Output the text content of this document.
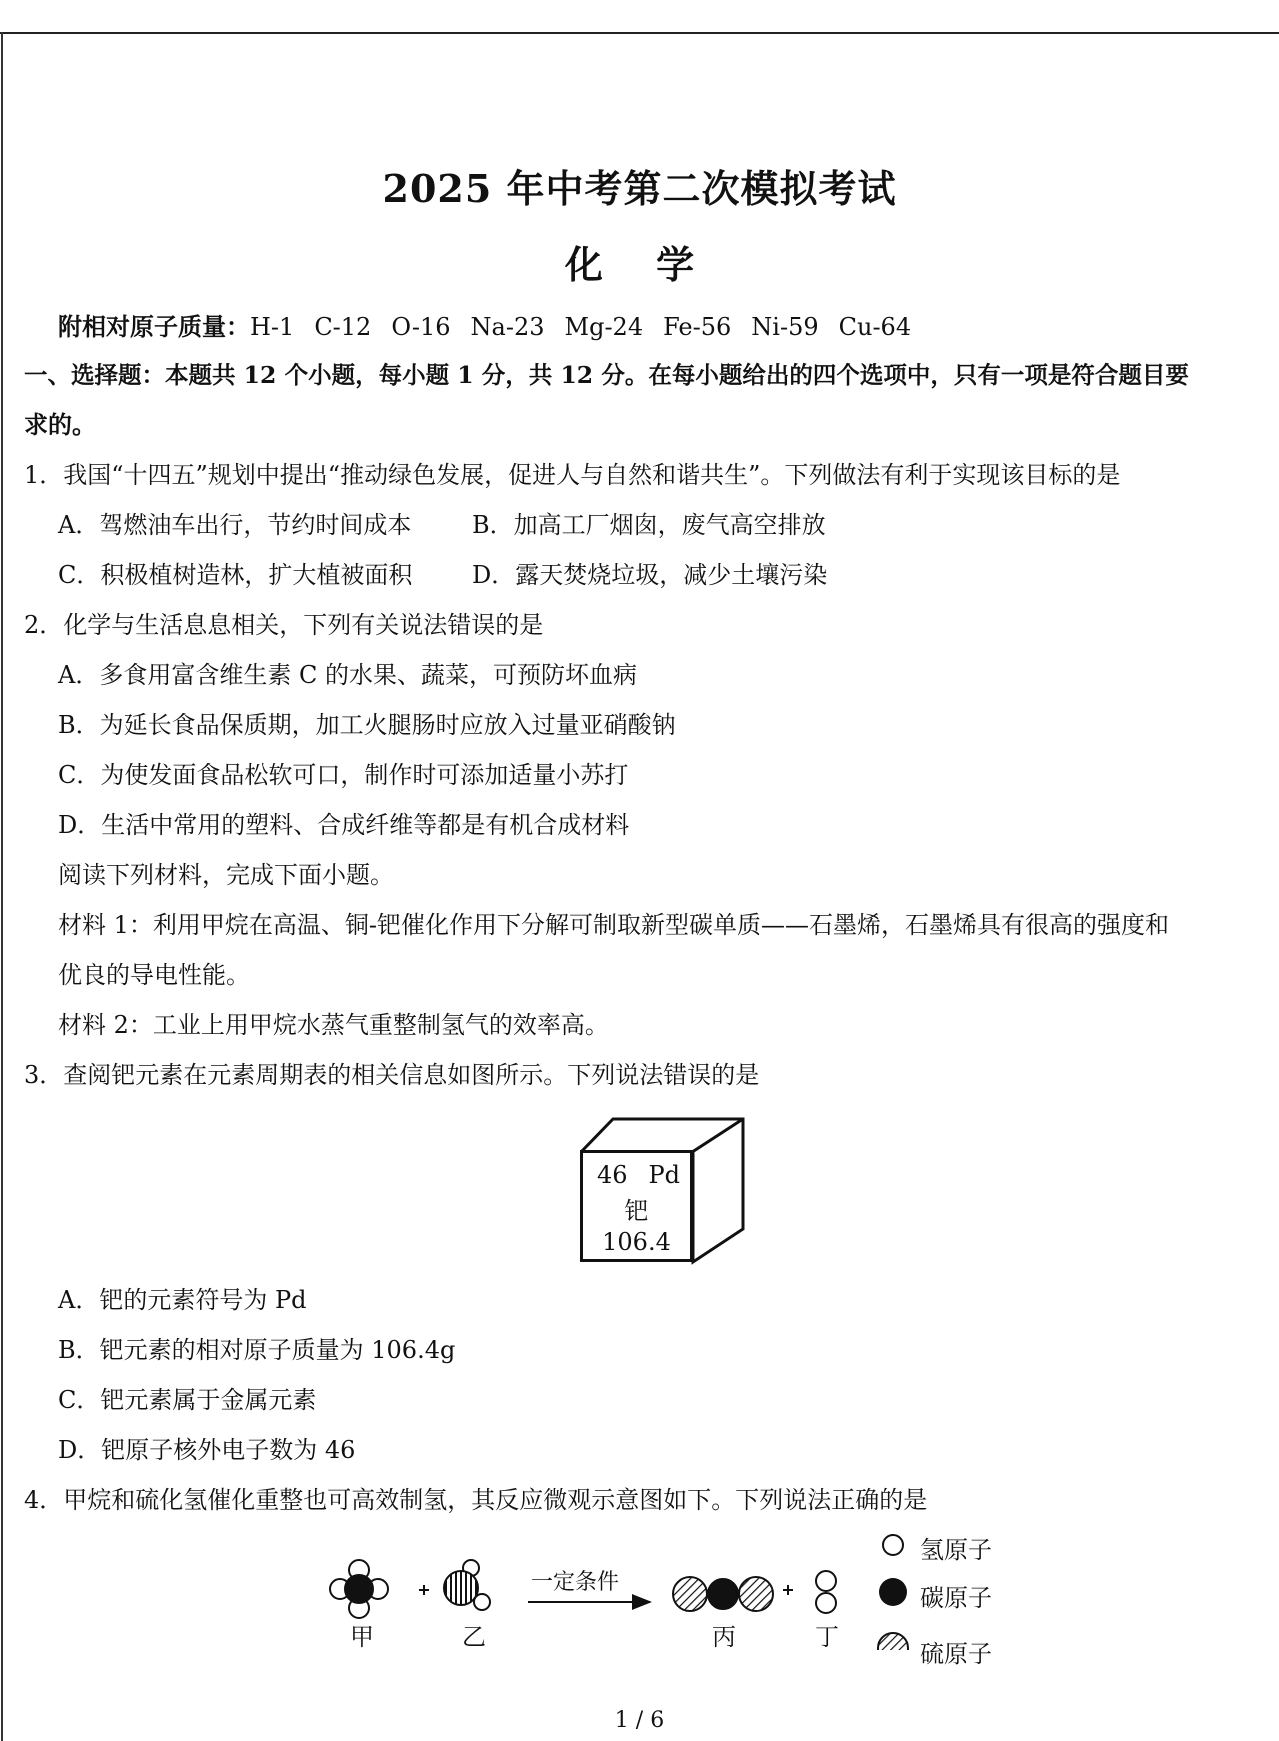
2025 年中考第二次模拟考试
化 学
附相对原子质量：H-1 C-12 O-16 Na-23 Mg-24 Fe-56 Ni-59 Cu-64
一、选择题：本题共 12 个小题，每小题 1 分，共 12 分。在每小题给出的四个选项中，只有一项是符合题目要
求的。
1．我国“十四五”规划中提出“推动绿色发展，促进人与自然和谐共生”。下列做法有利于实现该目标的是
A．驾燃油车出行，节约时间成本	B．加高工厂烟囱，废气高空排放
C．积极植树造林，扩大植被面积 D．露天焚烧垃圾，减少土壤污染
2．化学与生活息息相关，下列有关说法错误的是
A．多食用富含维生素 C 的水果、蔬菜，可预防坏血病
B．为延长食品保质期，加工火腿肠时应放入过量亚硝酸钠
C．为使发面食品松软可口，制作时可添加适量小苏打
D．生活中常用的塑料、合成纤维等都是有机合成材料
阅读下列材料，完成下面小题。
材料 1：利用甲烷在高温、铜-钯催化作用下分解可制取新型碳单质——石墨烯，石墨烯具有很高的强度和
优良的导电性能。
材料 2：工业上用甲烷水蒸气重整制氢气的效率高。
3．查阅钯元素在元素周期表的相关信息如图所示。下列说法错误的是
46 Pd
钯
106.4
A．钯的元素符号为 Pd
B．钯元素的相对原子质量为 106.4g
C．钯元素属于金属元素
D．钯原子核外电子数为 46
4．甲烷和硫化氢催化重整也可高效制氢，其反应微观示意图如下。下列说法正确的是
一定条件
甲	乙	丙	丁
氢原子
碳原子
硫原子
1 / 6
